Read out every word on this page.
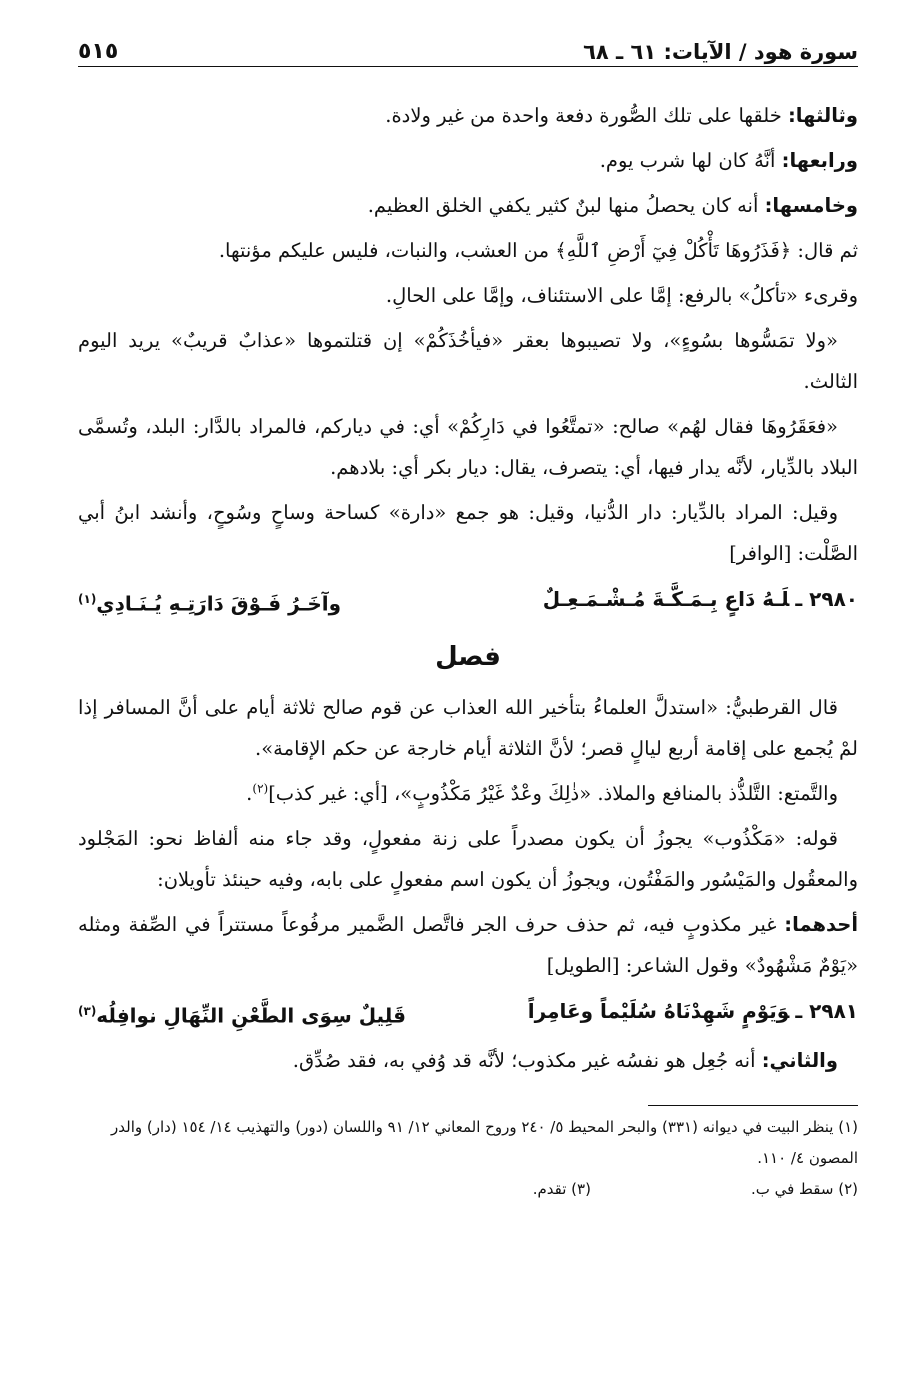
سورة هود / الآيات: ٦١ ـ ٦٨
٥١٥

وثالثها: خلقها على تلك الصُّورة دفعة واحدة من غير ولادة.

ورابعها: أنَّهُ كان لها شرب يوم.

وخامسها: أنه كان يحصلُ منها لبنٌ كثير يكفي الخلق العظيم.

ثم قال: ﴿فَذَرُوهَا تَأْكُلْ فِيٓ أَرْضِ ٱللَّهِ﴾ من العشب، والنبات، فليس عليكم مؤنتها.

وقرىء «تأكلُ» بالرفع: إمَّا على الاستئناف، وإمَّا على الحالِ.

«ولا تمَسُّوها بسُوءٍ»، ولا تصيبوها بعقر «فيأخُذَكُمْ» إن قتلتموها «عذابٌ قريبٌ» يريد اليوم الثالث.

«فعَقَرُوهَا فقال لهُم» صالح: «تمتَّعُوا في دَارِكُمْ» أي: في دياركم، فالمراد بالدَّار: البلد، وتُسمَّى البلاد بالدِّيار، لأنَّه يدار فيها، أي: يتصرف، يقال: ديار بكر أي: بلادهم.

وقيل: المراد بالدِّيار: دار الدُّنيا، وقيل: هو جمع «دارة» كساحة وساحٍ وسُوحٍ، وأنشد ابنُ أبي الصَّلْت: [الوافر]

٢٩٨٠ ـلَـهُ دَاعٍ بِـمَـكَّـةَ مُـشْـمَـعِـلٌ
وآخَـرُ فَـوْقَ دَارَتِـهِ يُـنَـادِي$^{(١)}$
فصل

قال القرطبيُّ: «استدلَّ العلماءُ بتأخير الله العذاب عن قوم صالح ثلاثة أيام على أنَّ المسافر إذا لمْ يُجمع على إقامة أربع ليالٍ قصر؛ لأنَّ الثلاثة أيام خارجة عن حكم الإقامة».

والتَّمتع: التَّلذُّذ بالمنافع والملاذ. «ذٰلِكَ وعْدٌ غَيْرُ مَكْذُوبٍ»، [أي: غير كذب]$^{(٢)}$.

قوله: «مَكْذُوب» يجوزُ أن يكون مصدراً على زنة مفعولٍ، وقد جاء منه ألفاظ نحو: المَجْلود والمعقُول والمَيْسُور والمَفْتُون، ويجوزُ أن يكون اسم مفعولٍ على بابه، وفيه حينئذ تأويلان:

أحدهما: غير مكذوبٍ فيه، ثم حذف حرف الجر فاتَّصل الضَّمير مرفُوعاً مستتراً في الصِّفة ومثله «يَوْمٌ مَشْهُودٌ» وقول الشاعر: [الطويل]

٢٩٨١ ـوَيَوْمٍ شَهِدْنَاهُ سُلَيْماً وعَامِراً
قَلِيلٌ سِوَى الطَّعْنِ النِّهَالِ نوافِلُه$^{(٣)}$

والثاني: أنه جُعِل هو نفسُه غير مكذوب؛ لأنَّه قد وُفي به، فقد صُدِّق.

(١) ينظر البيت في ديوانه (٣٣١) والبحر المحيط ٥/ ٢٤٠ وروح المعاني ١٢/ ٩١ واللسان (دور) والتهذيب ١٤/ ١٥٤ (دار) والدر المصون ٤/ ١١٠.

(٢) سقط في ب.
(٣) تقدم.
